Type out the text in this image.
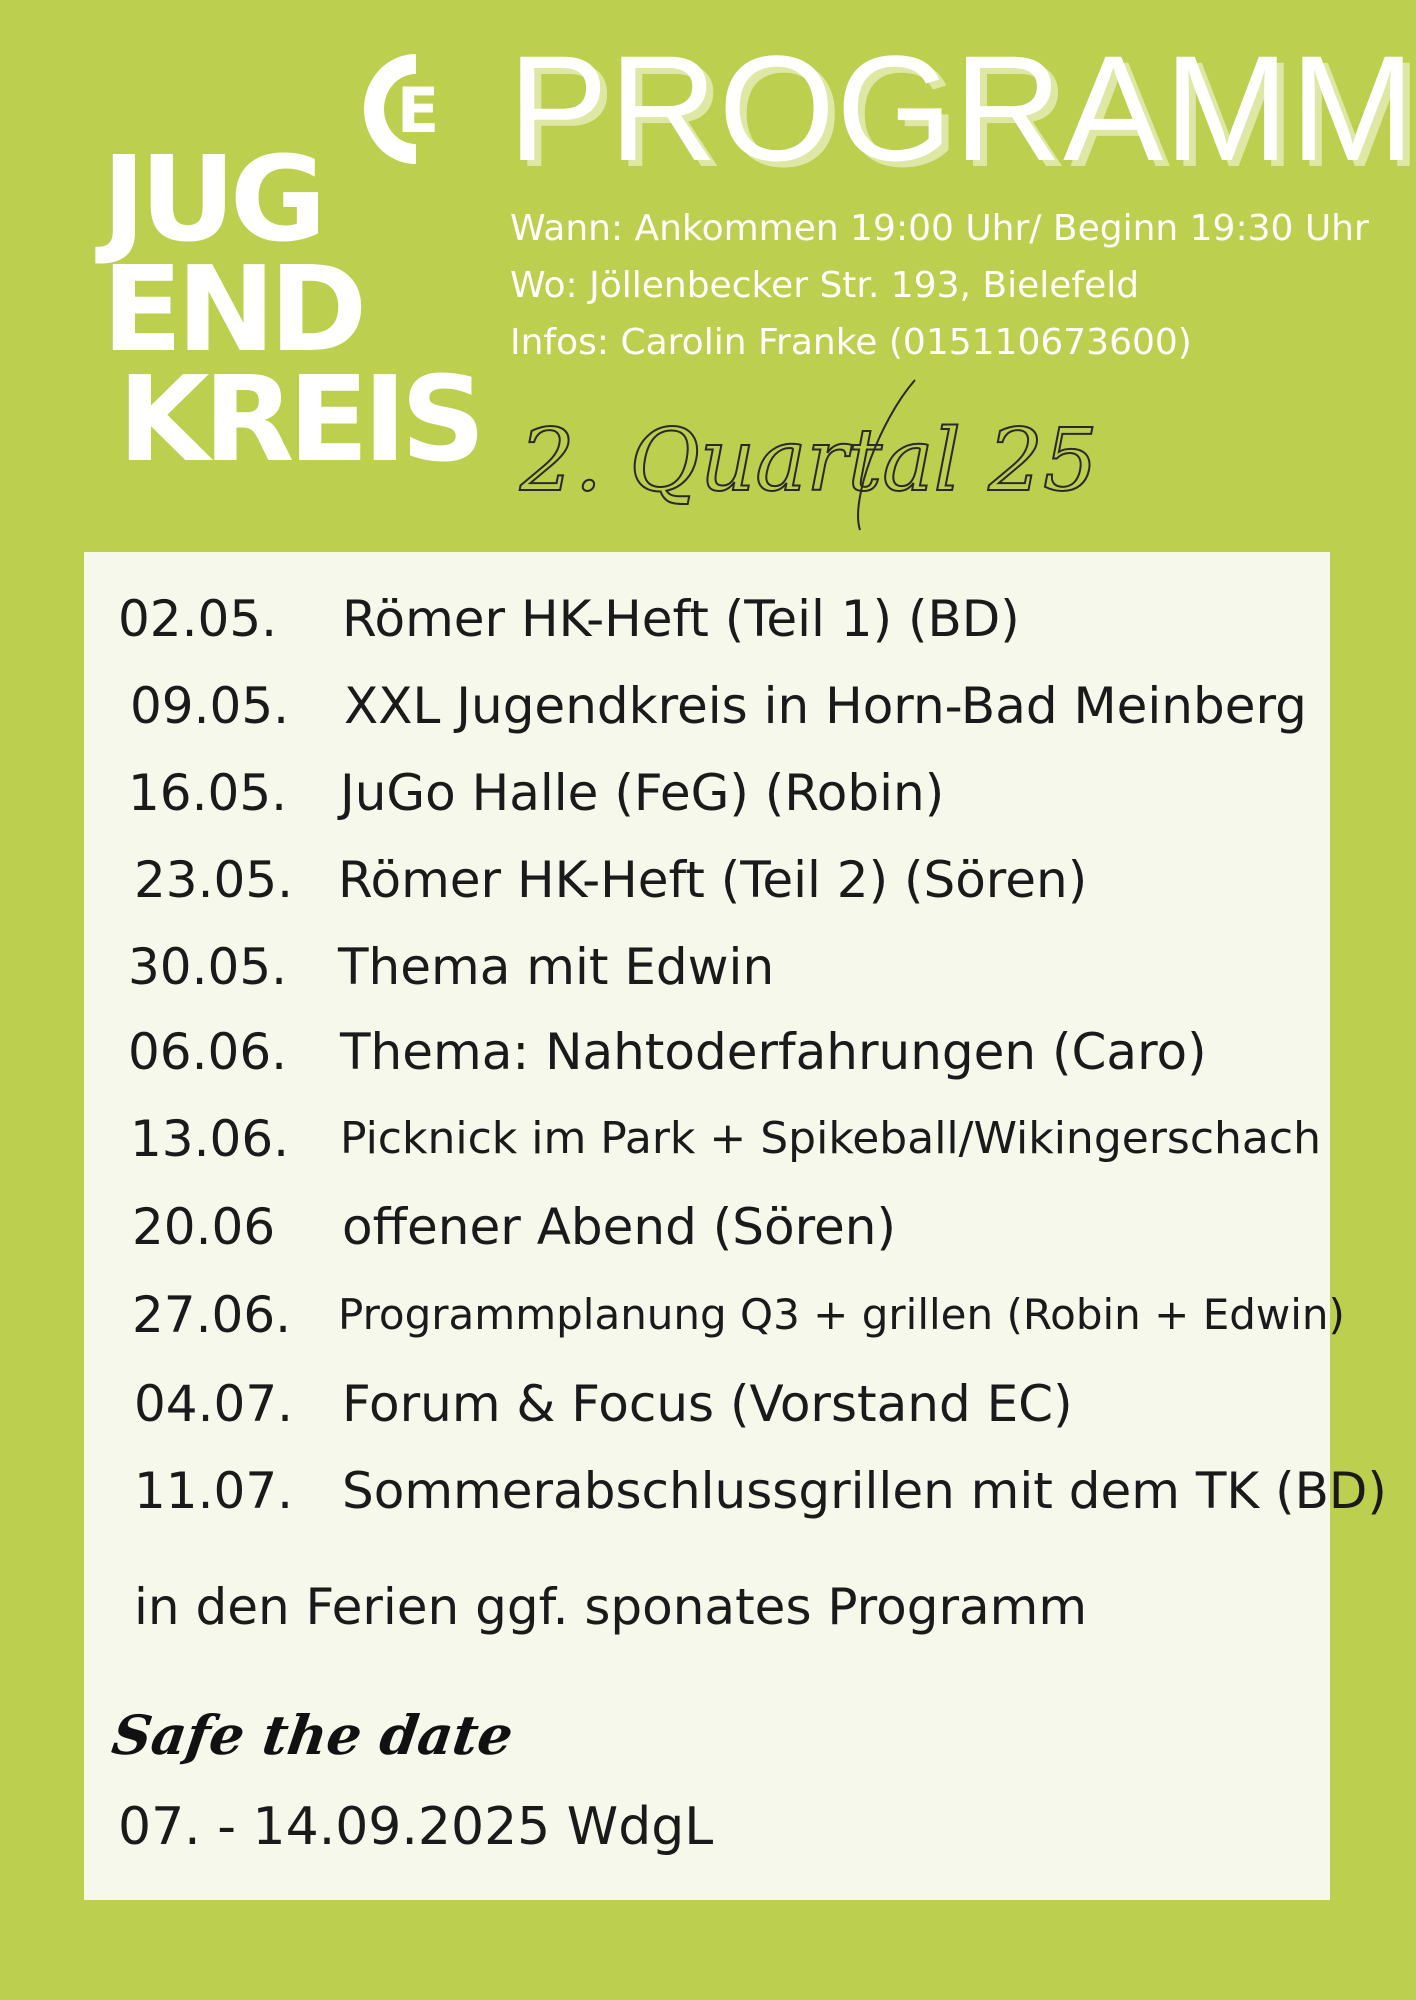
E PROGRAMM
JUG
END
KREIS
Wann: Ankommen 19:00 Uhr/ Beginn 19:30 Uhr
Wo: Jöllenbecker Str. 193, Bielefeld
Infos: Carolin Franke (015110673600)
2. Quartal 25
02.05. Römer HK-Heft (Teil 1) (BD)
09.05. XXL Jugendkreis in Horn-Bad Meinberg
16.05. JuGo Halle (FeG) (Robin)
23.05. Römer HK-Heft (Teil 2) (Sören)
30.05. Thema mit Edwin
06.06. Thema: Nahtoderfahrungen (Caro)
13.06. Picknick im Park + Spikeball/Wikingerschach
20.06 offener Abend (Sören)
27.06. Programmplanung Q3 + grillen (Robin + Edwin)
04.07. Forum & Focus (Vorstand EC)
11.07. Sommerabschlussgrillen mit dem TK (BD)
in den Ferien ggf. sponates Programm
Safe the date
07. - 14.09.2025 WdgL
